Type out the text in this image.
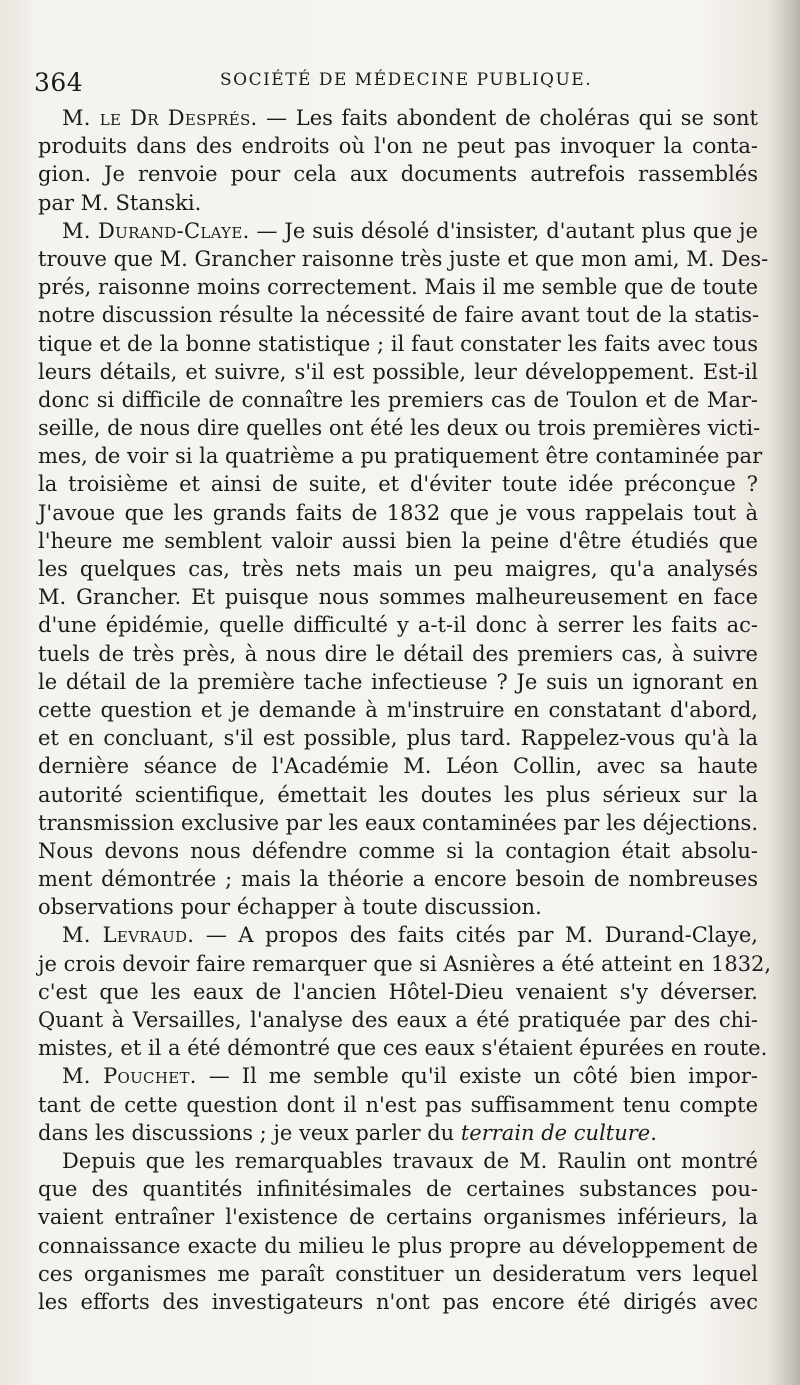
364	SOCIÉTÉ DE MÉDECINE PUBLIQUE.
M. le Dr Després. — Les faits abondent de choléras qui se sont
produits dans des endroits où l'on ne peut pas invoquer la conta-
gion. Je renvoie pour cela aux documents autrefois rassemblés
par M. Stanski.
M. Durand-Claye. — Je suis désolé d'insister, d'autant plus que je
trouve que M. Grancher raisonne très juste et que mon ami, M. Des-
prés, raisonne moins correctement. Mais il me semble que de toute
notre discussion résulte la nécessité de faire avant tout de la statis-
tique et de la bonne statistique ; il faut constater les faits avec tous
leurs détails, et suivre, s'il est possible, leur développement. Est-il
donc si difficile de connaître les premiers cas de Toulon et de Mar-
seille, de nous dire quelles ont été les deux ou trois premières victi-
mes, de voir si la quatrième a pu pratiquement être contaminée par
la troisième et ainsi de suite, et d'éviter toute idée préconçue ?
J'avoue que les grands faits de 1832 que je vous rappelais tout à
l'heure me semblent valoir aussi bien la peine d'être étudiés que
les quelques cas, très nets mais un peu maigres, qu'a analysés
M. Grancher. Et puisque nous sommes malheureusement en face
d'une épidémie, quelle difficulté y a-t-il donc à serrer les faits ac-
tuels de très près, à nous dire le détail des premiers cas, à suivre
le détail de la première tache infectieuse ? Je suis un ignorant en
cette question et je demande à m'instruire en constatant d'abord,
et en concluant, s'il est possible, plus tard. Rappelez-vous qu'à la
dernière séance de l'Académie M. Léon Collin, avec sa haute
autorité scientifique, émettait les doutes les plus sérieux sur la
transmission exclusive par les eaux contaminées par les déjections.
Nous devons nous défendre comme si la contagion était absolu-
ment démontrée ; mais la théorie a encore besoin de nombreuses
observations pour échapper à toute discussion.
M. Levraud. — A propos des faits cités par M. Durand-Claye,
je crois devoir faire remarquer que si Asnières a été atteint en 1832,
c'est que les eaux de l'ancien Hôtel-Dieu venaient s'y déverser.
Quant à Versailles, l'analyse des eaux a été pratiquée par des chi-
mistes, et il a été démontré que ces eaux s'étaient épurées en route.
M. Pouchet. — Il me semble qu'il existe un côté bien impor-
tant de cette question dont il n'est pas suffisamment tenu compte
dans les discussions ; je veux parler du terrain de culture.
Depuis que les remarquables travaux de M. Raulin ont montré
que des quantités infinitésimales de certaines substances pou-
vaient entraîner l'existence de certains organismes inférieurs, la
connaissance exacte du milieu le plus propre au développement de
ces organismes me paraît constituer un desideratum vers lequel
les efforts des investigateurs n'ont pas encore été dirigés avec
